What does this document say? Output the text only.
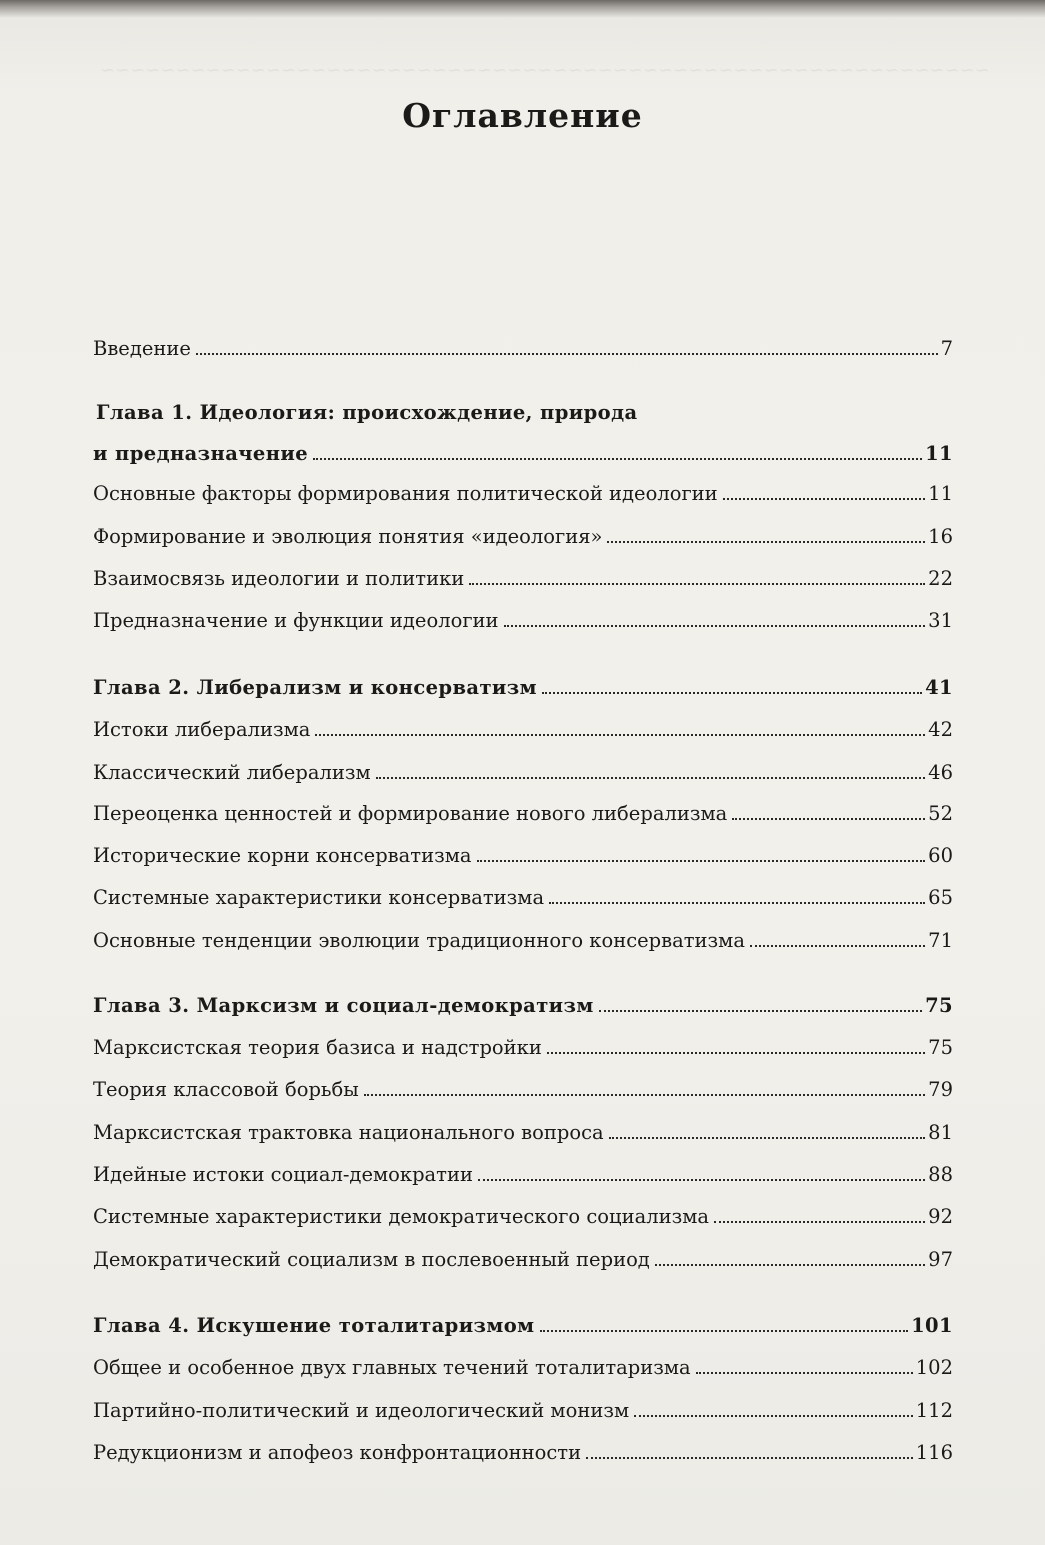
~~~~~~~~~~~~~~~~~~~~~~~~~~~~~~~~~~~~~~~~~~~~~~~~~~~~~~~~~~~
Оглавление
Введение	7
Глава 1. Идеология: происхождение, природа
и предназначение	11
Основные факторы формирования политической идеологии	11
Формирование и эволюция понятия «идеология»	16
Взаимосвязь идеологии и политики	22
Предназначение и функции идеологии	31
Глава 2. Либерализм и консерватизм	41
Истоки либерализма	42
Классический либерализм	46
Переоценка ценностей и формирование нового либерализма	52
Исторические корни консерватизма	60
Системные характеристики консерватизма	65
Основные тенденции эволюции традиционного консерватизма	71
Глава 3. Марксизм и социал-демократизм	75
Марксистская теория базиса и надстройки	75
Теория классовой борьбы	79
Марксистская трактовка национального вопроса	81
Идейные истоки социал-демократии	88
Системные характеристики демократического социализма	92
Демократический социализм в послевоенный период	97
Глава 4. Искушение тоталитаризмом	101
Общее и особенное двух главных течений тоталитаризма	102
Партийно-политический и идеологический монизм	112
Редукционизм и апофеоз конфронтационности	116
